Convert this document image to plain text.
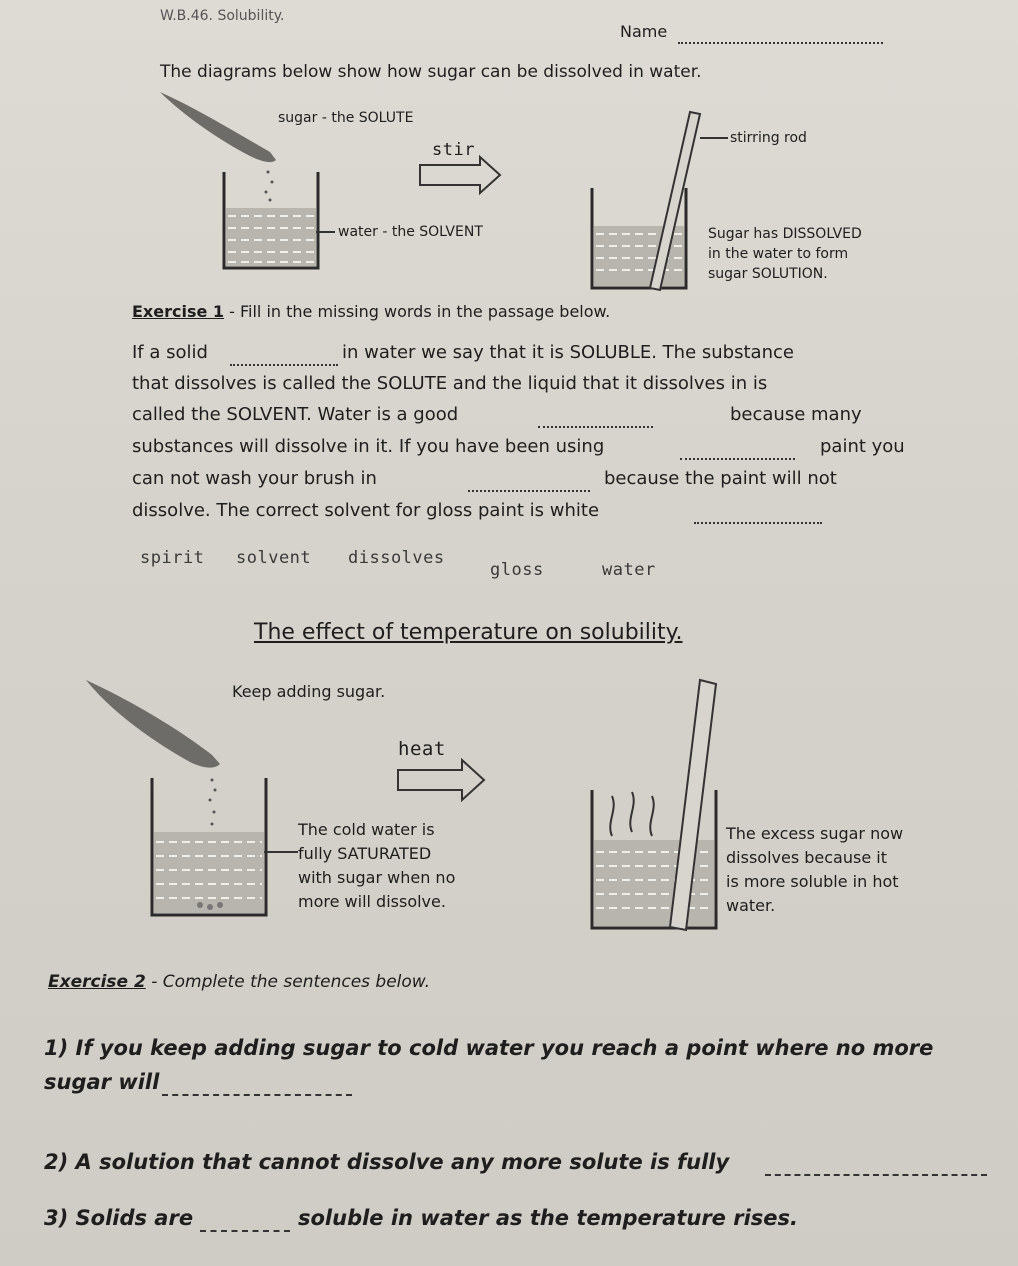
W.B.46. Solubility.
Name
The diagrams below show how sugar can be dissolved in water.
sugar - the SOLUTE
stir
water - the SOLVENT
stirring rod
Sugar has DISSOLVED
in the water to form
sugar SOLUTION.
Exercise 1 - Fill in the missing words in the passage below.
If a solid	in water we say that it is SOLUBLE. The substance
that dissolves is called the SOLUTE and the liquid that it dissolves in is
called the SOLVENT. Water is a good	because many
substances will dissolve in it. If you have been using	paint you
can not wash your brush in	because the paint will not
dissolve. The correct solvent for gloss paint is white
spirit solvent dissolves
gloss	water
The effect of temperature on solubility.
Keep adding sugar.
heat
The cold water is
fully SATURATED
with sugar when no
more will dissolve.
The excess sugar now
dissolves because it
is more soluble in hot
water.
Exercise 2 - Complete the sentences below.
1) If you keep adding sugar to cold water you reach a point where no more
sugar will
2) A solution that cannot dissolve any more solute is fully
3) Solids are	soluble in water as the temperature rises.
